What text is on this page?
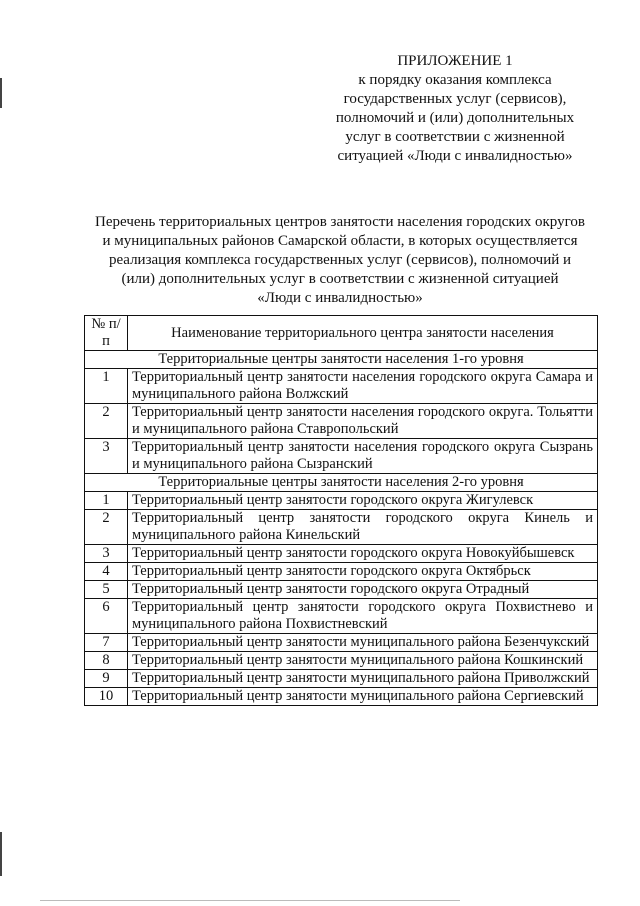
ПРИЛОЖЕНИЕ 1
к порядку оказания комплекса
государственных услуг (сервисов),
полномочий и (или) дополнительных
услуг в соответствии с жизненной
ситуацией «Люди с инвалидностью»
Перечень территориальных центров занятости населения городских округов
и муниципальных районов Самарской области, в которых осуществляется
реализация комплекса государственных услуг (сервисов), полномочий и
(или) дополнительных услуг в соответствии с жизненной ситуацией
«Люди с инвалидностью»
№ п/п	Наименование территориального центра занятости населения
Территориальные центры занятости населения 1-го уровня	
1	Территориальный центр занятости населения городского округа Самара и муниципального района Волжский
2	Территориальный центр занятости населения городского округа. Тольятти и муниципального района Ставропольский
3	Территориальный центр занятости населения городского округа Сызрань и муниципального района Сызранский
Территориальные центры занятости населения 2-го уровня	
1	Территориальный центр занятости городского округа Жигулевск
2	Территориальный центр занятости городского округа Кинель и муниципального района Кинельский
3	Территориальный центр занятости городского округа Новокуйбышевск
4	Территориальный центр занятости городского округа Октябрьск
5	Территориальный центр занятости городского округа Отрадный
6	Территориальный центр занятости городского округа Похвистнево и муниципального района Похвистневский
7	Территориальный центр занятости муниципального района Безенчукский
8	Территориальный центр занятости муниципального района Кошкинский
9	Территориальный центр занятости муниципального района Приволжский
10	Территориальный центр занятости муниципального района Сергиевский
